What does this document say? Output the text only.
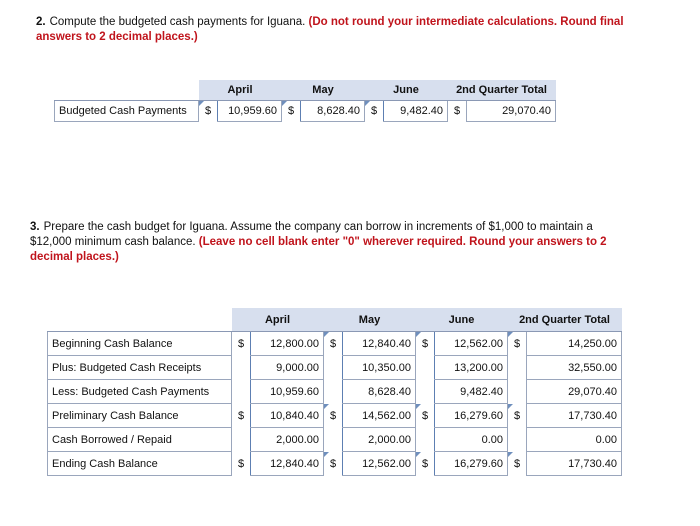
2. Compute the budgeted cash payments for Iguana. (Do not round your intermediate calculations. Round final answers to 2 decimal places.)
	April		May		June		2nd Quarter Total	
Budgeted Cash Payments	$	10,959.60	$	8,628.40	$	9,482.40	$	29,070.40
3. Prepare the cash budget for Iguana. Assume the company can borrow in increments of $1,000 to maintain a $12,000 minimum cash balance. (Leave no cell blank enter "0" wherever required. Round your answers to 2 decimal places.)
	April		May		June		2nd Quarter Total	
Beginning Cash Balance	$	12,800.00	$	12,840.40	$	12,562.00	$	14,250.00
Plus: Budgeted Cash Receipts		9,000.00		10,350.00		13,200.00		32,550.00
Less: Budgeted Cash Payments		10,959.60		8,628.40		9,482.40		29,070.40
Preliminary Cash Balance	$	10,840.40	$	14,562.00	$	16,279.60	$	17,730.40
Cash Borrowed / Repaid		2,000.00		2,000.00		0.00		0.00
Ending Cash Balance	$	12,840.40	$	12,562.00	$	16,279.60	$	17,730.40
